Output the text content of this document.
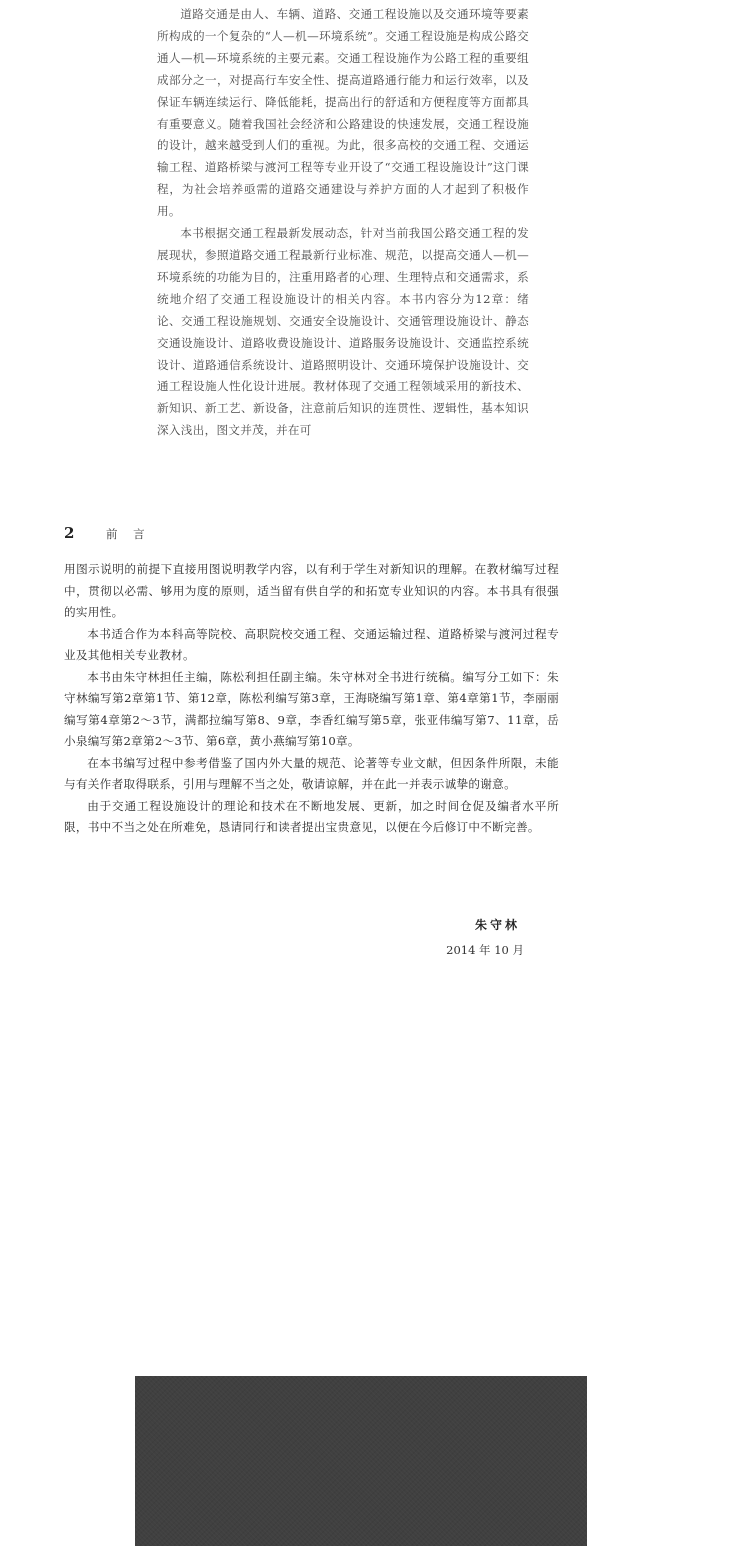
道路交通是由人、车辆、道路、交通工程设施以及交通环境等要素所构成的一个复杂的“人—机—环境系统”。交通工程设施是构成公路交通人—机—环境系统的主要元素。交通工程设施作为公路工程的重要组成部分之一，对提高行车安全性、提高道路通行能力和运行效率，以及保证车辆连续运行、降低能耗，提高出行的舒适和方便程度等方面都具有重要意义。随着我国社会经济和公路建设的快速发展，交通工程设施的设计，越来越受到人们的重视。为此，很多高校的交通工程、交通运输工程、道路桥梁与渡河工程等专业开设了“交通工程设施设计”这门课程，为社会培养亟需的道路交通建设与养护方面的人才起到了积极作用。

本书根据交通工程最新发展动态，针对当前我国公路交通工程的发展现状，参照道路交通工程最新行业标准、规范，以提高交通人—机—环境系统的功能为目的，注重用路者的心理、生理特点和交通需求，系统地介绍了交通工程设施设计的相关内容。本书内容分为12章：绪论、交通工程设施规划、交通安全设施设计、交通管理设施设计、静态交通设施设计、道路收费设施设计、道路服务设施设计、交通监控系统设计、道路通信系统设计、道路照明设计、交通环境保护设施设计、交通工程设施人性化设计进展。教材体现了交通工程领域采用的新技术、新知识、新工艺、新设备，注意前后知识的连贯性、逻辑性，基本知识深入浅出，图文并茂，并在可

2	前 言

用图示说明的前提下直接用图说明教学内容，以有利于学生对新知识的理解。在教材编写过程中，贯彻以必需、够用为度的原则，适当留有供自学的和拓宽专业知识的内容。本书具有很强的实用性。

本书适合作为本科高等院校、高职院校交通工程、交通运输过程、道路桥梁与渡河过程专业及其他相关专业教材。

本书由朱守林担任主编，陈松利担任副主编。朱守林对全书进行统稿。编写分工如下：朱守林编写第2章第1节、第12章，陈松利编写第3章，王海晓编写第1章、第4章第1节，李丽丽编写第4章第2～3节，满都拉编写第8、9章，李香红编写第5章，张亚伟编写第7、11章，岳小泉编写第2章第2～3节、第6章，黄小燕编写第10章。

在本书编写过程中参考借鉴了国内外大量的规范、论著等专业文献，但因条件所限，未能与有关作者取得联系，引用与理解不当之处，敬请谅解，并在此一并表示诚挚的谢意。

由于交通工程设施设计的理论和技术在不断地发展、更新，加之时间仓促及编者水平所限，书中不当之处在所难免，恳请同行和读者提出宝贵意见，以便在今后修订中不断完善。

朱守林
2014 年 10 月
